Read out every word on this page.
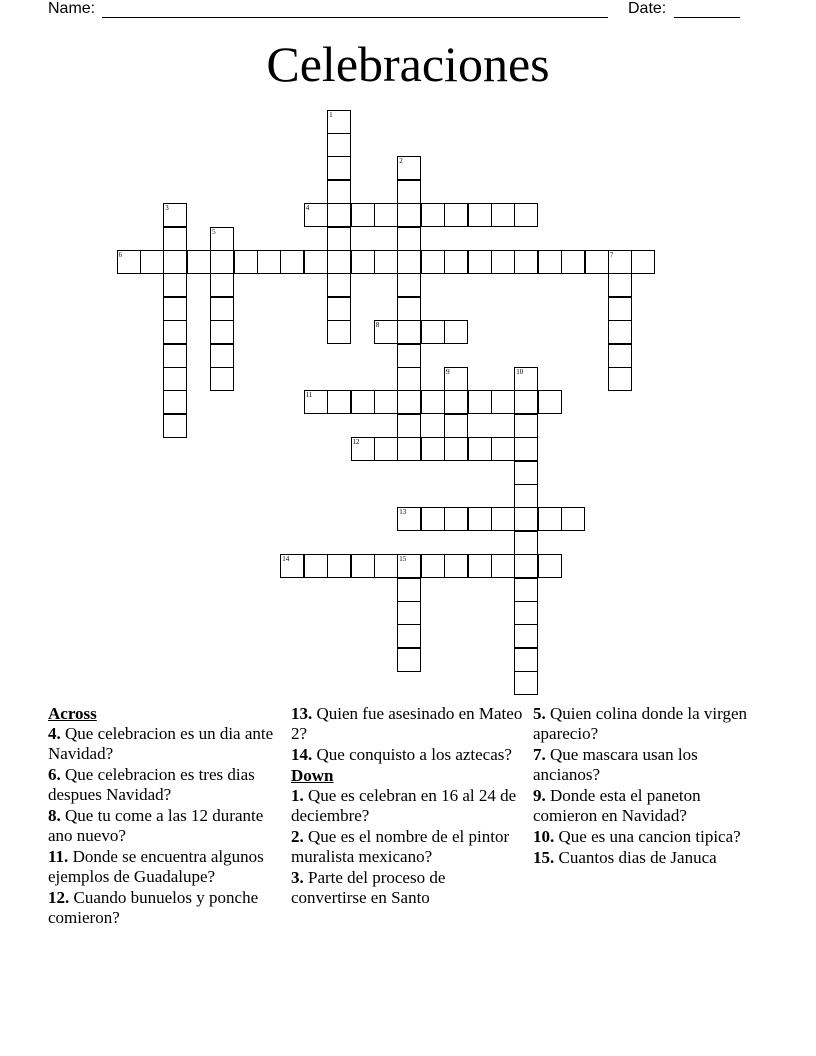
Name:	Date:
Celebraciones
1
2
3	4
5
6	7
8
9	10
11
12
13
14	15
Across
4. Que celebracion es un dia ante Navidad?
6. Que celebracion es tres dias despues Navidad?
8. Que tu come a las 12 durante ano nuevo?
11. Donde se encuentra algunos ejemplos de Guadalupe?
12. Cuando bunuelos y ponche comieron?
13. Quien fue asesinado en Mateo 2?
14. Que conquisto a los aztecas?
Down
1. Que es celebran en 16 al 24 de deciembre?
2. Que es el nombre de el pintor muralista mexicano?
3. Parte del proceso de convertirse en Santo
5. Quien colina donde la virgen aparecio?
7. Que mascara usan los ancianos?
9. Donde esta el paneton comieron en Navidad?
10. Que es una cancion tipica?
15. Cuantos dias de Januca
